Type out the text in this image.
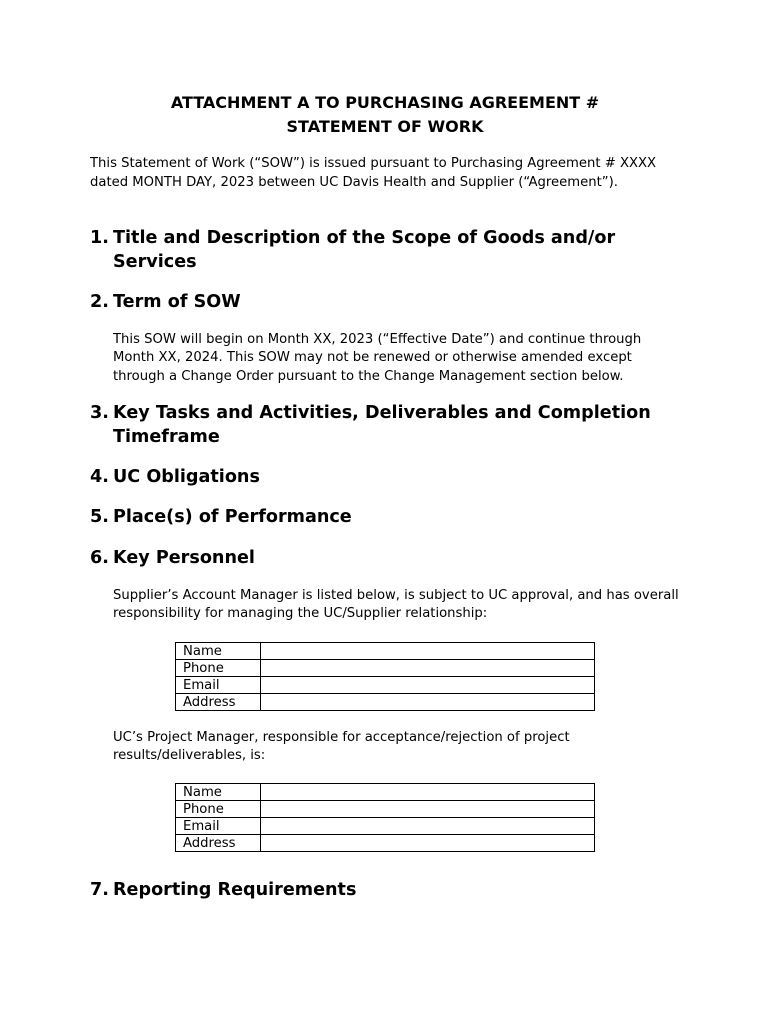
ATTACHMENT A TO PURCHASING AGREEMENT #
STATEMENT OF WORK
This Statement of Work (“SOW”) is issued pursuant to Purchasing Agreement # XXXX dated MONTH DAY, 2023 between UC Davis Health and Supplier (“Agreement”).
1. Title and Description of the Scope of Goods and/or Services
2. Term of SOW
This SOW will begin on Month XX, 2023 (“Effective Date”) and continue through Month XX, 2024. This SOW may not be renewed or otherwise amended except through a Change Order pursuant to the Change Management section below.
3. Key Tasks and Activities, Deliverables and Completion Timeframe
4. UC Obligations
5. Place(s) of Performance
6. Key Personnel
Supplier’s Account Manager is listed below, is subject to UC approval, and has overall responsibility for managing the UC/Supplier relationship:
Name	
Phone	
Email	
Address	
UC’s Project Manager, responsible for acceptance/rejection of project results/deliverables, is:
Name	
Phone	
Email	
Address	
7. Reporting Requirements
